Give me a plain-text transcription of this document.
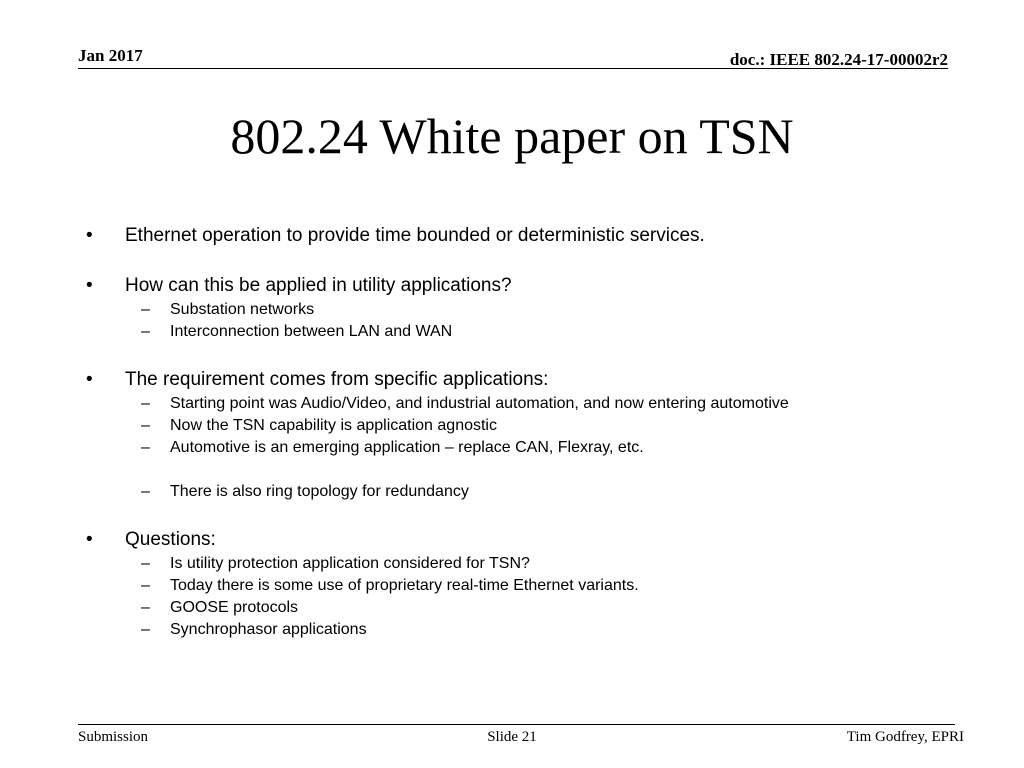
Jan 2017	doc.: IEEE 802.24-17-00002r2
802.24 White paper on TSN
•	Ethernet operation to provide time bounded or deterministic services.
•	How can this be applied in utility applications?
–	Substation networks
–	Interconnection between LAN and WAN
•	The requirement comes from specific applications:
–	Starting point was Audio/Video, and industrial automation, and now entering automotive
–	Now the TSN capability is application agnostic
–	Automotive is an emerging application – replace CAN, Flexray, etc.
–	There is also ring topology for redundancy
•	Questions:
–	Is utility protection application considered for TSN?
–	Today there is some use of proprietary real-time Ethernet variants.
–	GOOSE protocols
–	Synchrophasor applications
Submission	Slide 21	Tim Godfrey, EPRI
